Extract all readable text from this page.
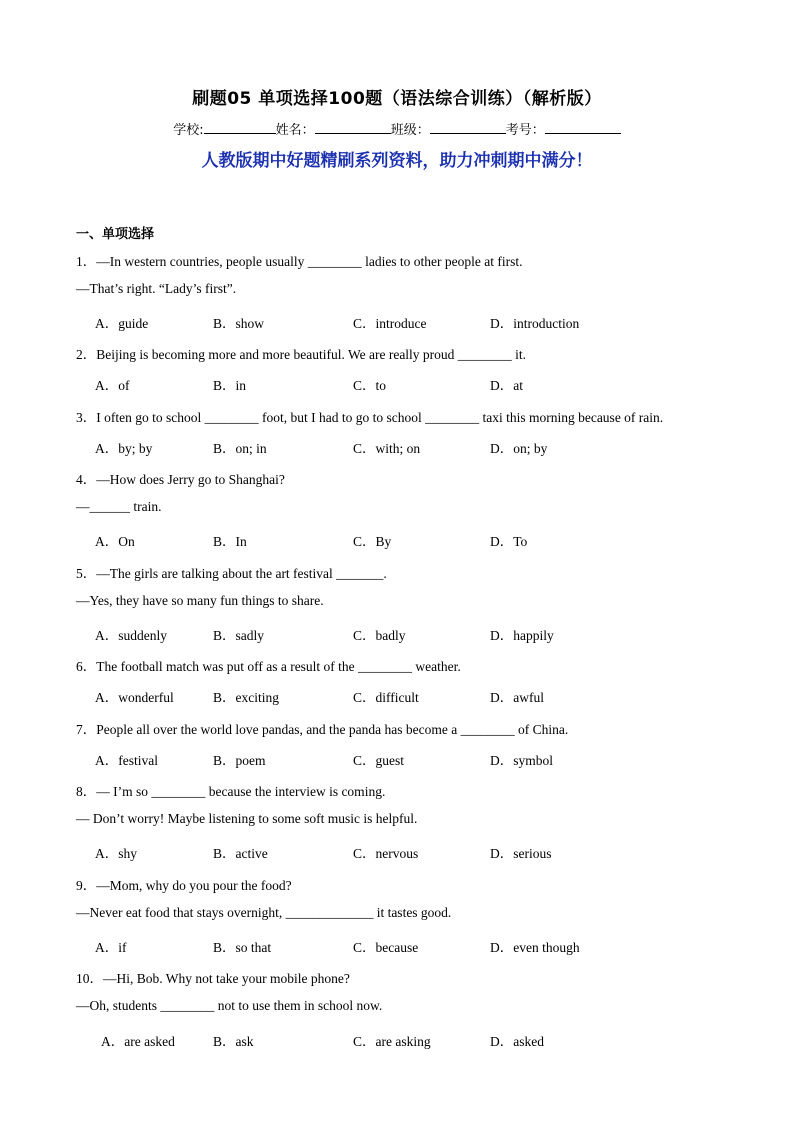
刷题05 单项选择100题（语法综合训练）（解析版）
学校:	姓名：	班级：	考号：
人教版期中好题精刷系列资料，助力冲刺期中满分！
一、单项选择
1．—In western countries, people usually ________ ladies to other people at first.
—That’s right. “Lady’s first”.
A．guide	B．show	C．introduce	D．introduction
2．Beijing is becoming more and more beautiful. We are really proud ________ it.
A．of	B．in	C．to	D．at
3．I often go to school ________ foot, but I had to go to school ________ taxi this morning because of rain.
A．by; by	B．on; in	C．with; on	D．on; by
4．—How does Jerry go to Shanghai?
—______ train.
A．On	B．In	C．By	D．To
5．—The girls are talking about the art festival _______.
—Yes, they have so many fun things to share.
A．suddenly	B．sadly	C．badly	D．happily
6．The football match was put off as a result of the ________ weather.
A．wonderful	B．exciting	C．difficult	D．awful
7．People all over the world love pandas, and the panda has become a ________ of China.
A．festival	B．poem	C．guest	D．symbol
8．— I’m so ________ because the interview is coming.
— Don’t worry! Maybe listening to some soft music is helpful.
A．shy	B．active	C．nervous	D．serious
9．—Mom, why do you pour the food?
—Never eat food that stays overnight, _____________ it tastes good.
A．if	B．so that	C．because	D．even though
10．—Hi, Bob. Why not take your mobile phone?
—Oh, students ________ not to use them in school now.
A．are asked	B．ask	C．are asking	D．asked
